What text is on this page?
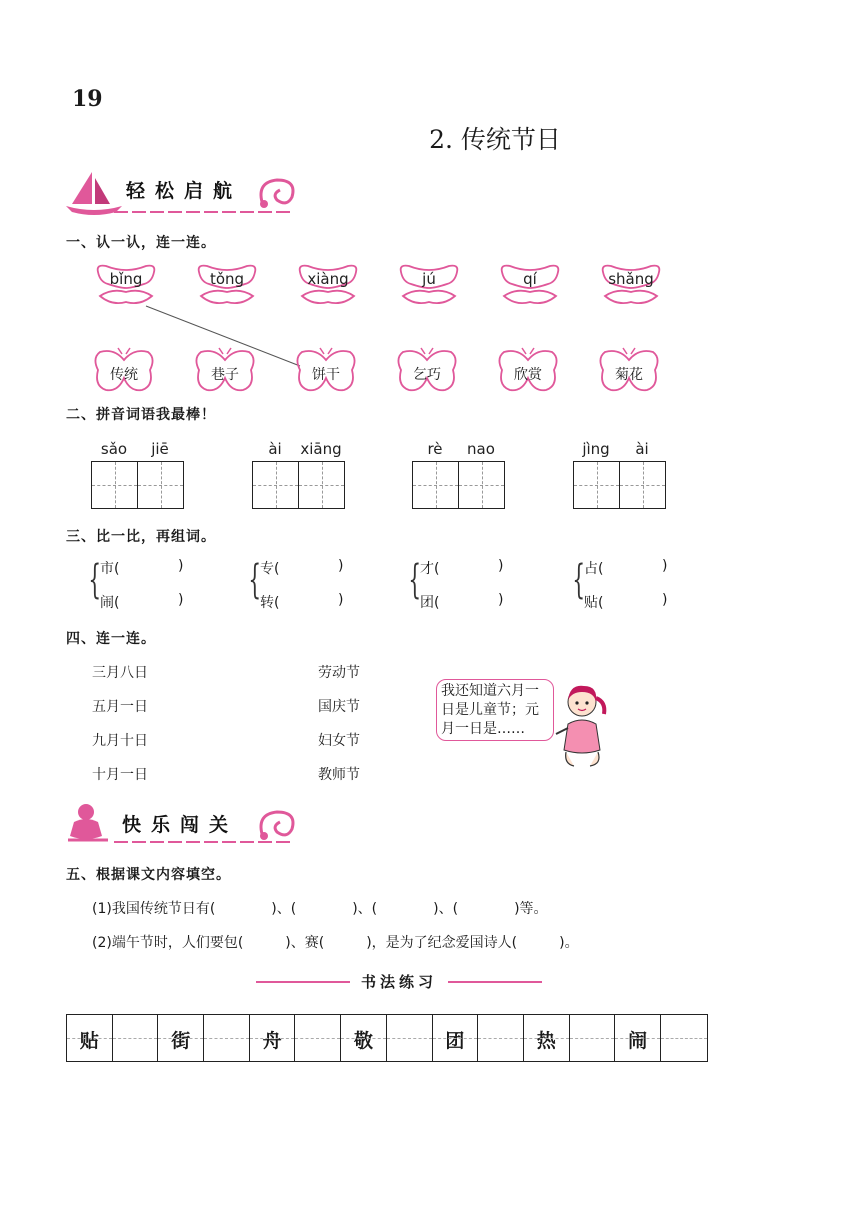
19
2. 传统节日
轻松启航
一、认一认，连一连。
bǐng	tǒng	xiàng	jú	qí	shǎng
传统	巷子	饼干	乞巧	欣赏	菊花
二、拼音词语我最棒！
sǎo	jiē	ài	xiāng	rè	nao	jìng	ài
三、比一比，再组词。
{
市(	)
闹(	) {
专(	)
转(	) {
才(	)
团(	) {
占(	)
贴(	)
四、连一连。
三月八日
五月一日
九月十日
十月一日
劳动节
国庆节
妇女节
教师节
我还知道六月一日是儿童节；元月一日是……
快乐闯关
五、根据课文内容填空。
(1)我国传统节日有(　　　　)、(　　　　)、(　　　　)、(　　　　)等。
(2)端午节时，人们要包(　　　)、赛(　　　)，是为了纪念爱国诗人(　　　)。
书法练习
贴	街	舟	敬	团	热	闹
